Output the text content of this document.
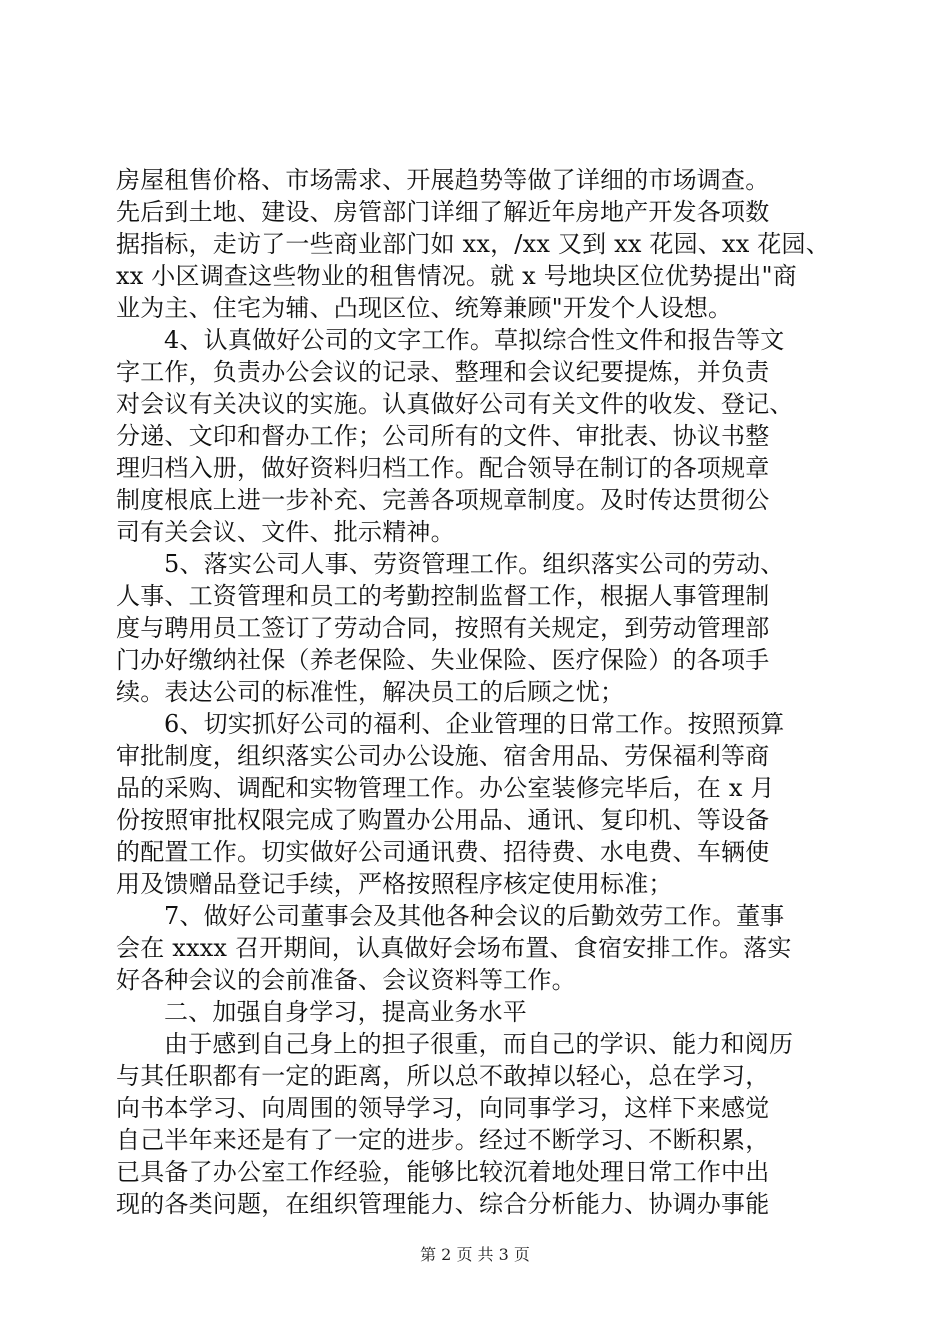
房屋租售价格、市场需求、开展趋势等做了详细的市场调查。
先后到土地、建设、房管部门详细了解近年房地产开发各项数
据指标，走访了一些商业部门如 xx，/xx 又到 xx 花园、xx 花园、
xx 小区调查这些物业的租售情况。就 x 号地块区位优势提出"商
业为主、住宅为辅、凸现区位、统筹兼顾"开发个人设想。
4、认真做好公司的文字工作。草拟综合性文件和报告等文
字工作，负责办公会议的记录、整理和会议纪要提炼，并负责
对会议有关决议的实施。认真做好公司有关文件的收发、登记、
分递、文印和督办工作；公司所有的文件、审批表、协议书整
理归档入册，做好资料归档工作。配合领导在制订的各项规章
制度根底上进一步补充、完善各项规章制度。及时传达贯彻公
司有关会议、文件、批示精神。
5、落实公司人事、劳资管理工作。组织落实公司的劳动、
人事、工资管理和员工的考勤控制监督工作，根据人事管理制
度与聘用员工签订了劳动合同，按照有关规定，到劳动管理部
门办好缴纳社保（养老保险、失业保险、医疗保险）的各项手
续。表达公司的标准性，解决员工的后顾之忧；
6、切实抓好公司的福利、企业管理的日常工作。按照预算
审批制度，组织落实公司办公设施、宿舍用品、劳保福利等商
品的采购、调配和实物管理工作。办公室装修完毕后，在 x 月
份按照审批权限完成了购置办公用品、通讯、复印机、等设备
的配置工作。切实做好公司通讯费、招待费、水电费、车辆使
用及馈赠品登记手续，严格按照程序核定使用标准；
7、做好公司董事会及其他各种会议的后勤效劳工作。董事
会在 xxxx 召开期间，认真做好会场布置、食宿安排工作。落实
好各种会议的会前准备、会议资料等工作。
二、加强自身学习，提高业务水平
由于感到自己身上的担子很重，而自己的学识、能力和阅历
与其任职都有一定的距离，所以总不敢掉以轻心，总在学习，
向书本学习、向周围的领导学习，向同事学习，这样下来感觉
自己半年来还是有了一定的进步。经过不断学习、不断积累，
已具备了办公室工作经验，能够比较沉着地处理日常工作中出
现的各类问题，在组织管理能力、综合分析能力、协调办事能
第 2 页 共 3 页
